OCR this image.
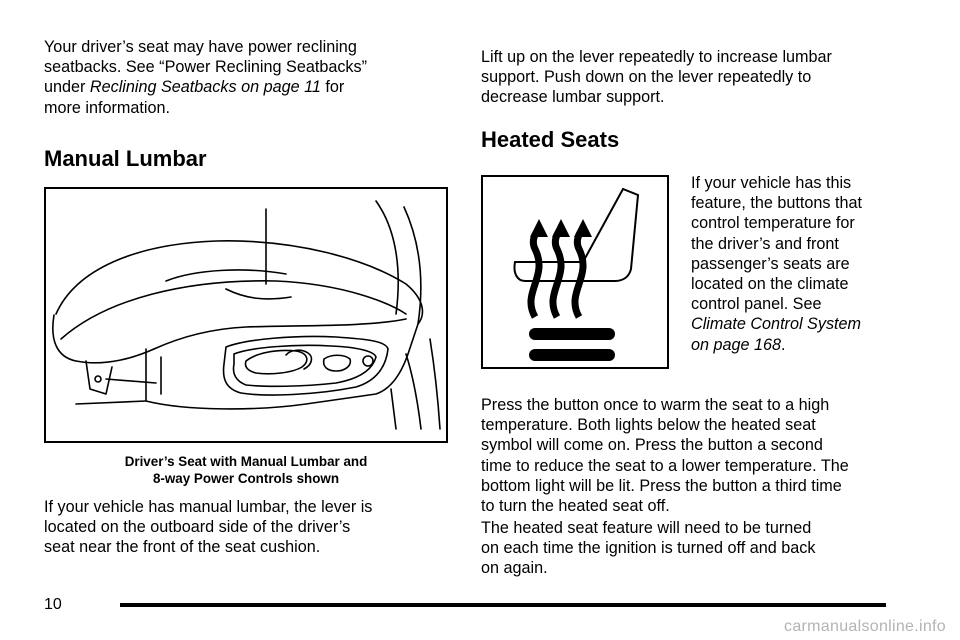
Your driver’s seat may have power reclining
seatbacks. See “Power Reclining Seatbacks”
under Reclining Seatbacks on page 11 for
more information.

Manual Lumbar
Driver’s Seat with Manual Lumbar and
8-way Power Controls shown

If your vehicle has manual lumbar, the lever is
located on the outboard side of the driver’s
seat near the front of the seat cushion.

Lift up on the lever repeatedly to increase lumbar
support. Push down on the lever repeatedly to
decrease lumbar support.

Heated Seats

If your vehicle has this
feature, the buttons that
control temperature for
the driver’s and front
passenger’s seats are
located on the climate
control panel. See
Climate Control System
on page 168.

Press the button once to warm the seat to a high
temperature. Both lights below the heated seat
symbol will come on. Press the button a second
time to reduce the seat to a lower temperature. The
bottom light will be lit. Press the button a third time
to turn the heated seat off.

The heated seat feature will need to be turned
on each time the ignition is turned off and back
on again.

10
carmanualsonline.info
